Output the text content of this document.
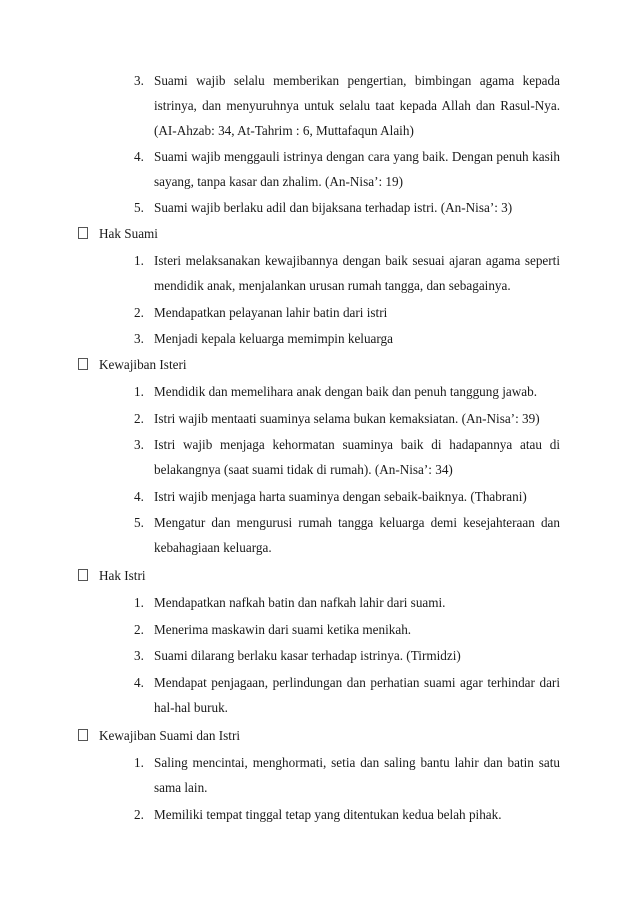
3. Suami wajib selalu memberikan pengertian, bimbingan agama kepada istrinya, dan menyuruhnya untuk selalu taat kepada Allah dan Rasul-Nya. (AI-Ahzab: 34, At-Tahrim : 6, Muttafaqun Alaih)
4. Suami wajib menggauli istrinya dengan cara yang baik. Dengan penuh kasih sayang, tanpa kasar dan zhalim. (An-Nisa’: 19)
5. Suami wajib berlaku adil dan bijaksana terhadap istri. (An-Nisa’: 3)
Hak Suami
1. Isteri melaksanakan kewajibannya dengan baik sesuai ajaran agama seperti mendidik anak, menjalankan urusan rumah tangga, dan sebagainya.
2. Mendapatkan pelayanan lahir batin dari istri
3. Menjadi kepala keluarga memimpin keluarga
Kewajiban Isteri
1. Mendidik dan memelihara anak dengan baik dan penuh tanggung jawab.
2. Istri wajib mentaati suaminya selama bukan kemaksiatan. (An-Nisa’: 39)
3. Istri wajib menjaga kehormatan suaminya baik di hadapannya atau di belakangnya (saat suami tidak di rumah). (An-Nisa’: 34)
4. Istri wajib menjaga harta suaminya dengan sebaik-baiknya. (Thabrani)
5. Mengatur dan mengurusi rumah tangga keluarga demi kesejahteraan dan kebahagiaan keluarga.
Hak Istri
1. Mendapatkan nafkah batin dan nafkah lahir dari suami.
2. Menerima maskawin dari suami ketika menikah.
3. Suami dilarang berlaku kasar terhadap istrinya. (Tirmidzi)
4. Mendapat penjagaan, perlindungan dan perhatian suami agar terhindar dari hal-hal buruk.
Kewajiban Suami dan Istri
1. Saling mencintai, menghormati, setia dan saling bantu lahir dan batin satu sama lain.
2. Memiliki tempat tinggal tetap yang ditentukan kedua belah pihak.
